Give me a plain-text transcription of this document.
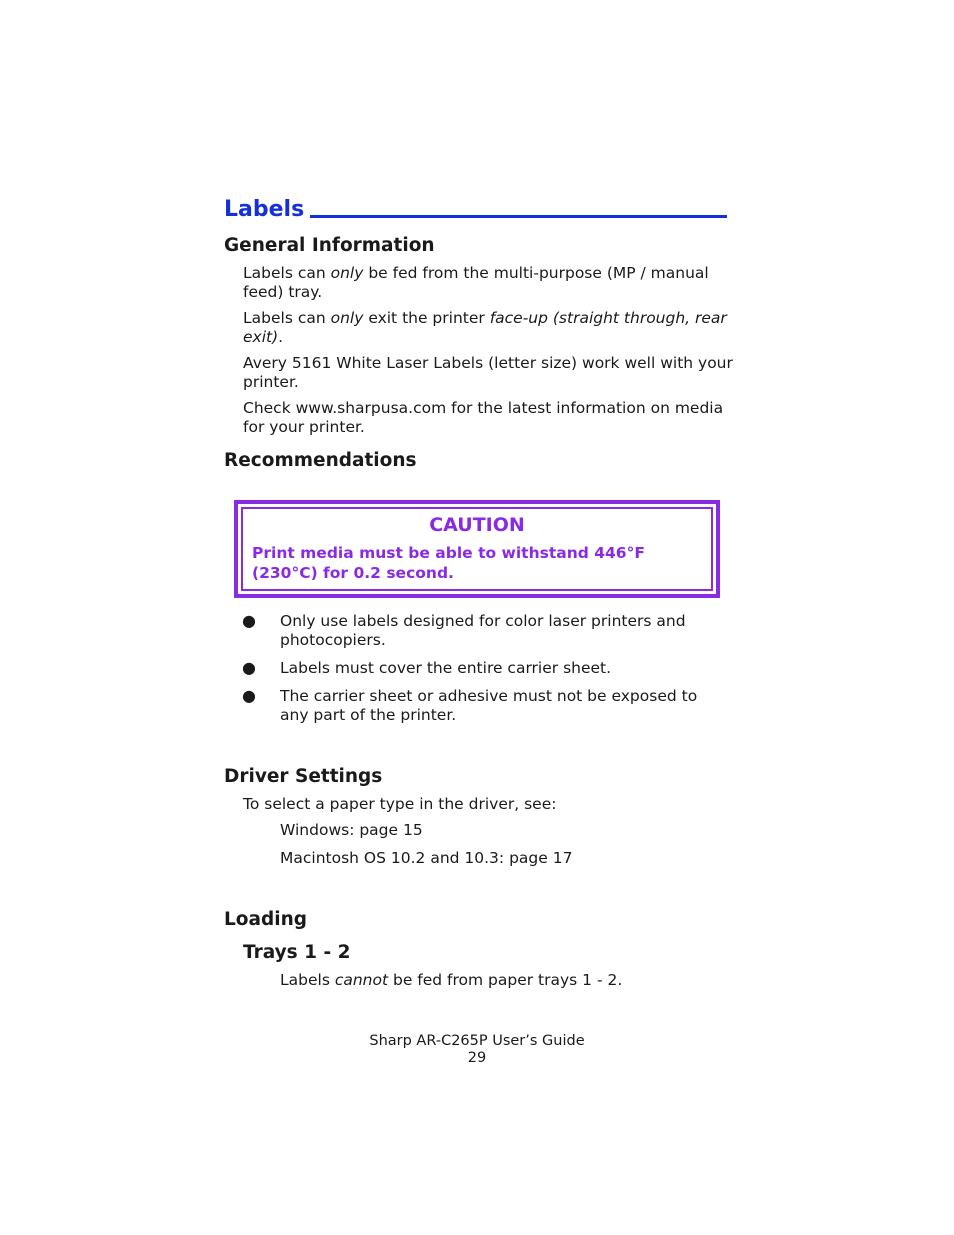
Labels
General Information
Labels can only be fed from the multi-purpose (MP / manual feed) tray.
Labels can only exit the printer face-up (straight through, rear exit).
Avery 5161 White Laser Labels (letter size) work well with your printer.
Check www.sharpusa.com for the latest information on media for your printer.
Recommendations
CAUTION
Print media must be able to withstand 446°F (230°C) for 0.2 second.
● Only use labels designed for color laser printers and photocopiers.
● Labels must cover the entire carrier sheet.
● The carrier sheet or adhesive must not be exposed to any part of the printer.
Driver Settings
To select a paper type in the driver, see:
Windows: page 15
Macintosh OS 10.2 and 10.3: page 17
Loading
Trays 1 - 2
Labels cannot be fed from paper trays 1 - 2.
Sharp AR-C265P User’s Guide
29
